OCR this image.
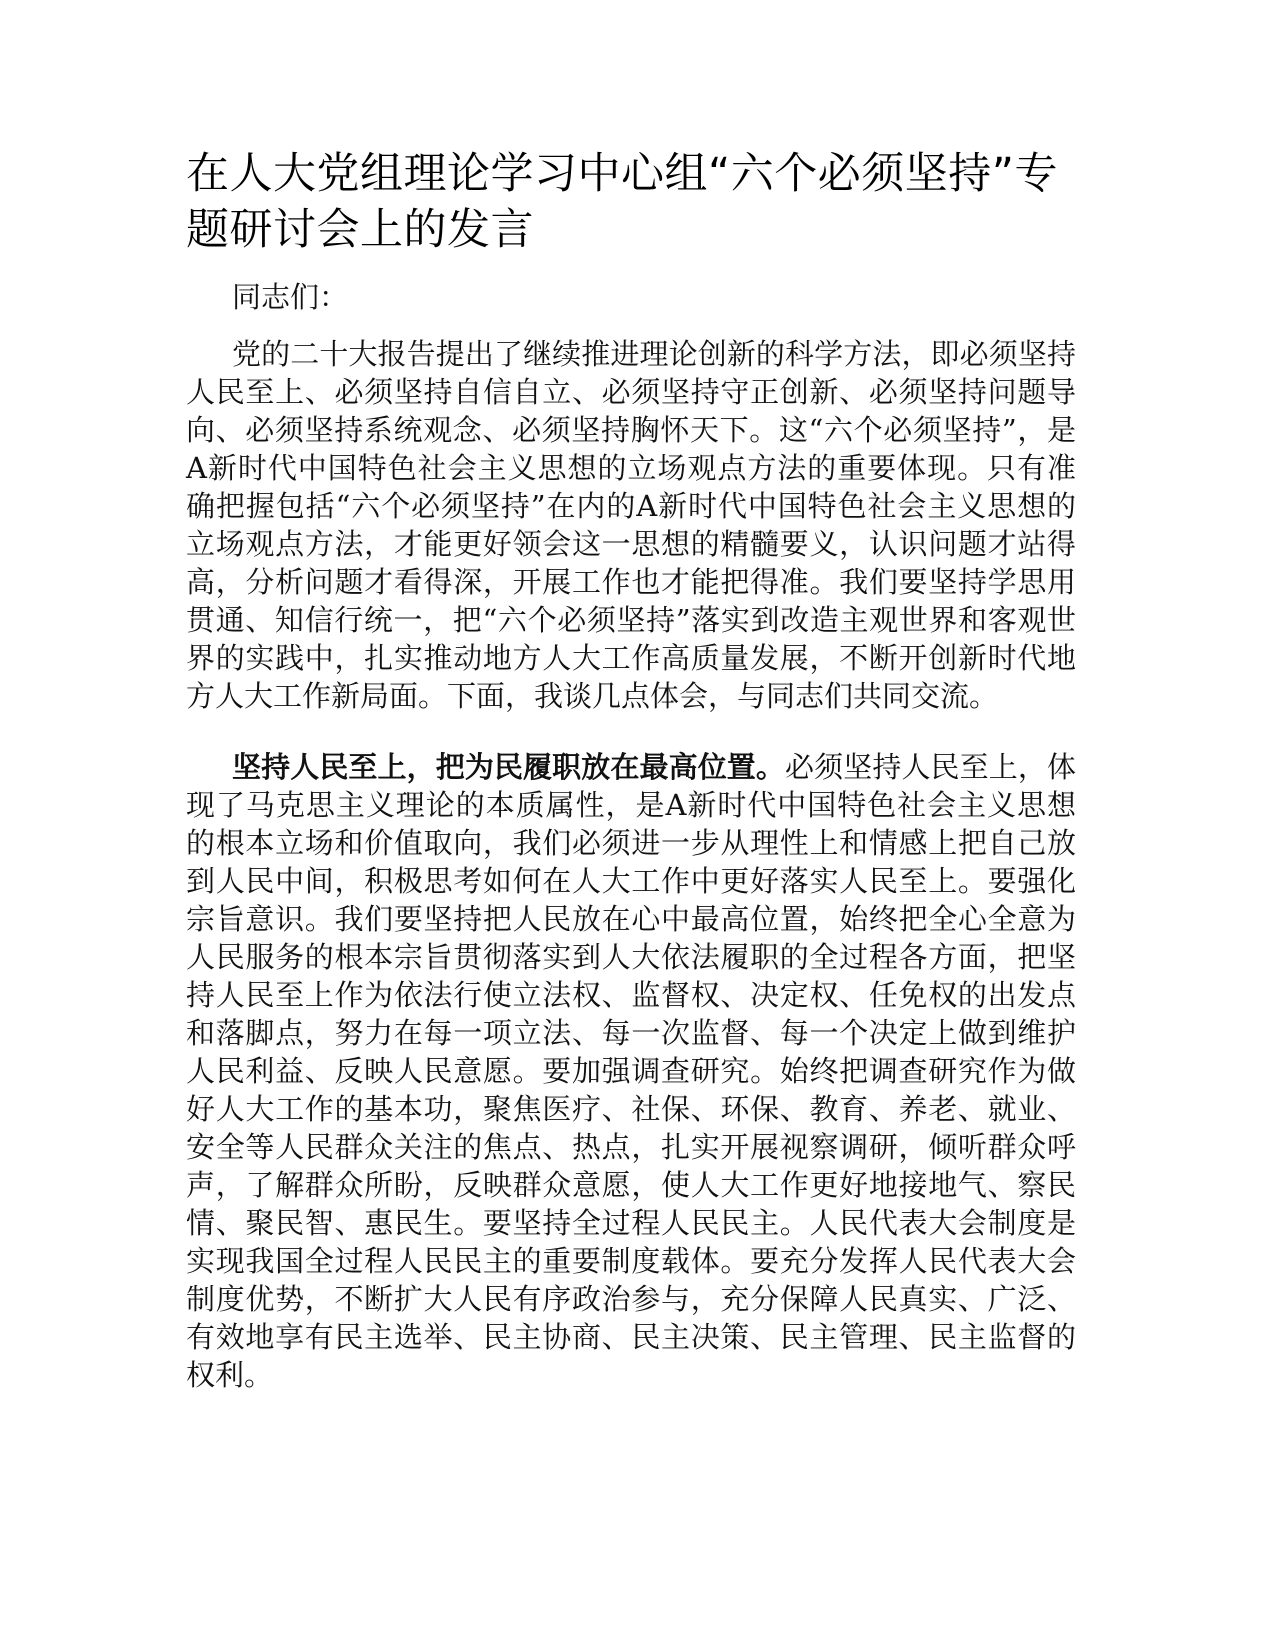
在人大党组理论学习中心组“六个必须坚持”专题研讨会上的发言

同志们：

党的二十大报告提出了继续推进理论创新的科学方法，即必须坚持人民至上、必须坚持自信自立、必须坚持守正创新、必须坚持问题导向、必须坚持系统观念、必须坚持胸怀天下。这“六个必须坚持”，是A新时代中国特色社会主义思想的立场观点方法的重要体现。只有准确把握包括“六个必须坚持”在内的A新时代中国特色社会主义思想的立场观点方法，才能更好领会这一思想的精髓要义，认识问题才站得高，分析问题才看得深，开展工作也才能把得准。我们要坚持学思用贯通、知信行统一，把“六个必须坚持”落实到改造主观世界和客观世界的实践中，扎实推动地方人大工作高质量发展，不断开创新时代地方人大工作新局面。下面，我谈几点体会，与同志们共同交流。

坚持人民至上，把为民履职放在最高位置。必须坚持人民至上，体现了马克思主义理论的本质属性，是A新时代中国特色社会主义思想的根本立场和价值取向，我们必须进一步从理性上和情感上把自己放到人民中间，积极思考如何在人大工作中更好落实人民至上。要强化宗旨意识。我们要坚持把人民放在心中最高位置，始终把全心全意为人民服务的根本宗旨贯彻落实到人大依法履职的全过程各方面，把坚持人民至上作为依法行使立法权、监督权、决定权、任免权的出发点和落脚点，努力在每一项立法、每一次监督、每一个决定上做到维护人民利益、反映人民意愿。要加强调查研究。始终把调查研究作为做好人大工作的基本功，聚焦医疗、社保、环保、教育、养老、就业、安全等人民群众关注的焦点、热点，扎实开展视察调研，倾听群众呼声，了解群众所盼，反映群众意愿，使人大工作更好地接地气、察民情、聚民智、惠民生。要坚持全过程人民民主。人民代表大会制度是实现我国全过程人民民主的重要制度载体。要充分发挥人民代表大会制度优势，不断扩大人民有序政治参与，充分保障人民真实、广泛、有效地享有民主选举、民主协商、民主决策、民主管理、民主监督的权利。
